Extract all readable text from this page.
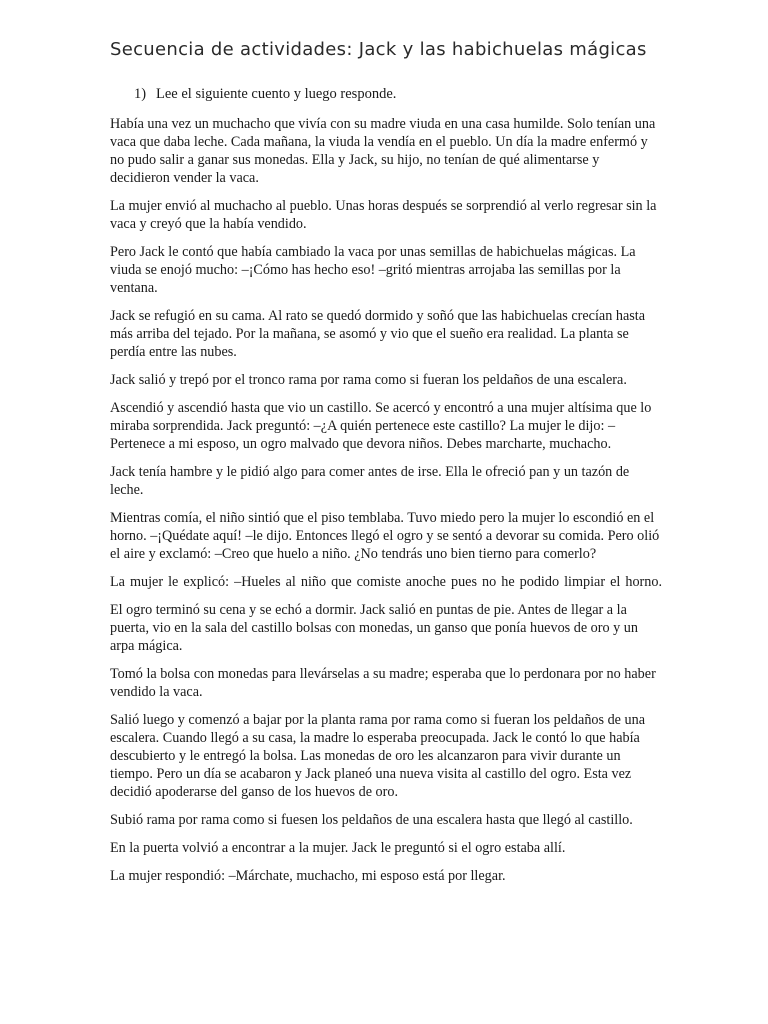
Secuencia de actividades: Jack y las habichuelas mágicas
1) Lee el siguiente cuento y luego responde.

Había una vez un muchacho que vivía con su madre viuda en una casa humilde. Solo tenían una vaca que daba leche. Cada mañana, la viuda la vendía en el pueblo. Un día la madre enfermó y no pudo salir a ganar sus monedas. Ella y Jack, su hijo, no tenían de qué alimentarse y decidieron vender la vaca.

La mujer envió al muchacho al pueblo. Unas horas después se sorprendió al verlo regresar sin la vaca y creyó que la había vendido.

Pero Jack le contó que había cambiado la vaca por unas semillas de habichuelas mágicas. La viuda se enojó mucho: –¡Cómo has hecho eso! –gritó mientras arrojaba las semillas por la ventana.

Jack se refugió en su cama. Al rato se quedó dormido y soñó que las habichuelas crecían hasta más arriba del tejado. Por la mañana, se asomó y vio que el sueño era realidad. La planta se perdía entre las nubes.

Jack salió y trepó por el tronco rama por rama como si fueran los peldaños de una escalera.

Ascendió y ascendió hasta que vio un castillo. Se acercó y encontró a una mujer altísima que lo miraba sorprendida. Jack preguntó: –¿A quién pertenece este castillo? La mujer le dijo: –Pertenece a mi esposo, un ogro malvado que devora niños. Debes marcharte, muchacho.

Jack tenía hambre y le pidió algo para comer antes de irse. Ella le ofreció pan y un tazón de leche.

Mientras comía, el niño sintió que el piso temblaba. Tuvo miedo pero la mujer lo escondió en el horno. –¡Quédate aquí! –le dijo. Entonces llegó el ogro y se sentó a devorar su comida. Pero olió el aire y exclamó: –Creo que huelo a niño. ¿No tendrás uno bien tierno para comerlo?

La mujer le explicó: –Hueles al niño que comiste anoche pues no he podido limpiar el horno.

El ogro terminó su cena y se echó a dormir. Jack salió en puntas de pie. Antes de llegar a la puerta, vio en la sala del castillo bolsas con monedas, un ganso que ponía huevos de oro y un arpa mágica.

Tomó la bolsa con monedas para llevárselas a su madre; esperaba que lo perdonara por no haber vendido la vaca.

Salió luego y comenzó a bajar por la planta rama por rama como si fueran los peldaños de una escalera. Cuando llegó a su casa, la madre lo esperaba preocupada. Jack le contó lo que había descubierto y le entregó la bolsa. Las monedas de oro les alcanzaron para vivir durante un tiempo. Pero un día se acabaron y Jack planeó una nueva visita al castillo del ogro. Esta vez decidió apoderarse del ganso de los huevos de oro.

Subió rama por rama como si fuesen los peldaños de una escalera hasta que llegó al castillo.

En la puerta volvió a encontrar a la mujer. Jack le preguntó si el ogro estaba allí.

La mujer respondió: –Márchate, muchacho, mi esposo está por llegar.
